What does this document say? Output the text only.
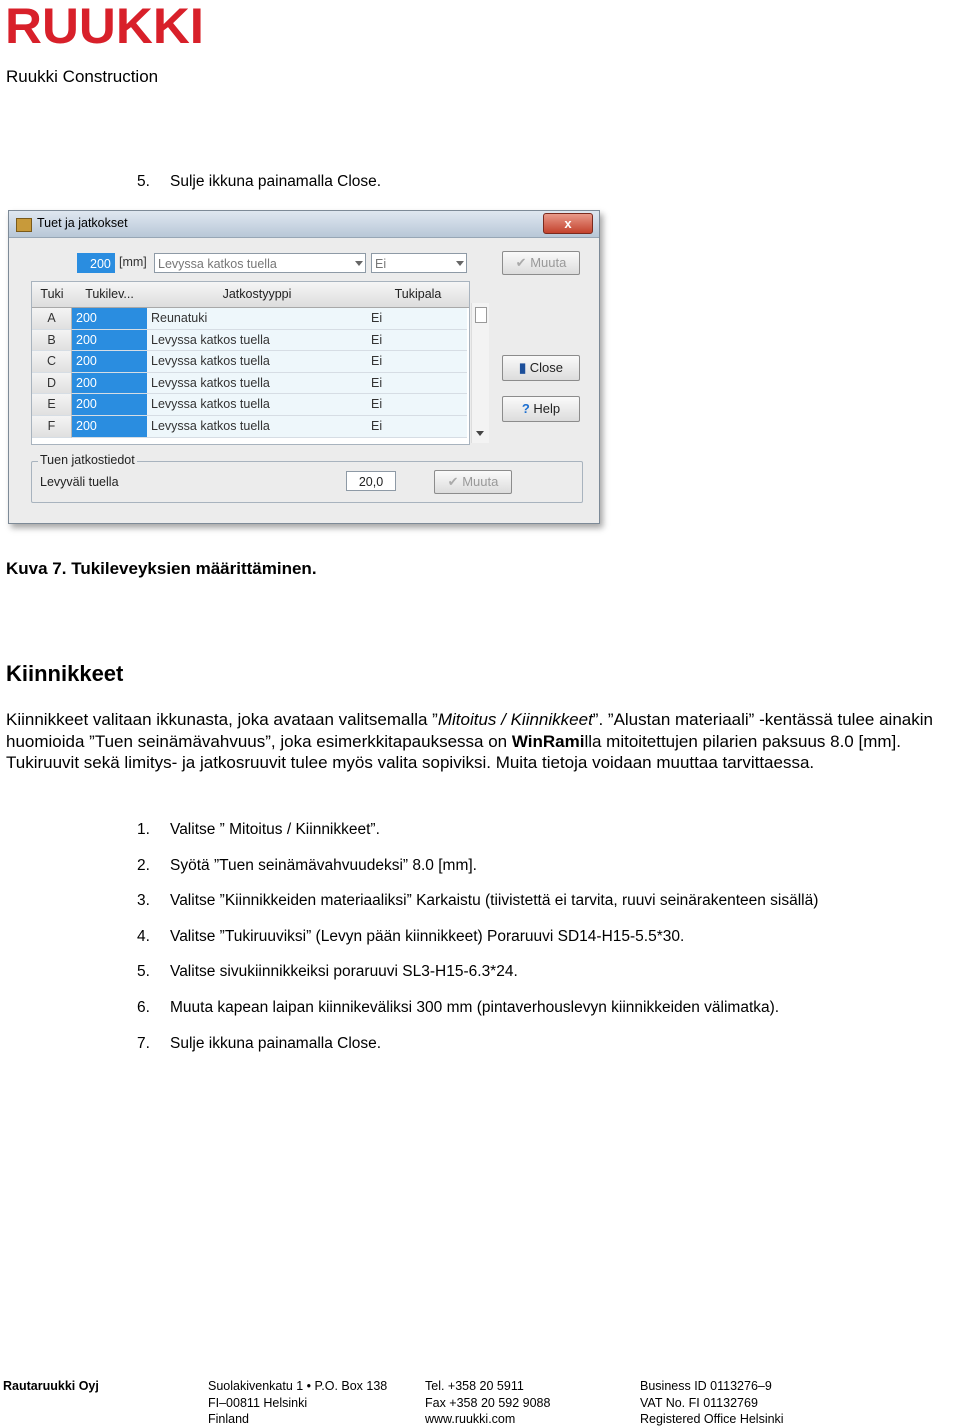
RUUKKI
Ruukki Construction
5. Sulje ikkuna painamalla Close.
Tuet ja jatkokset	x
200 [mm] Levyssa katkos tuella	Ei	✔ Muuta
Tuki	Tukilev...	Jatkostyyppi	Tukipala
A	200	Reunatuki	Ei
B	200	Levyssa katkos tuella	Ei
C	200	Levyssa katkos tuella	Ei
D	200	Levyssa katkos tuella	Ei
E	200	Levyssa katkos tuella	Ei
F	200	Levyssa katkos tuella	Ei
▮ Close
? Help
Tuen jatkostiedot
Levyväli tuella	20,0	✔ Muuta
Kuva 7. Tukileveyksien määrittäminen.
Kiinnikkeet
Kiinnikkeet valitaan ikkunasta, joka avataan valitsemalla ”Mitoitus / Kiinnikkeet”. ”Alustan materiaali” -kentässä tulee ainakin huomioida ”Tuen seinämävahvuus”, joka esimerkkitapauksessa on WinRamilla mitoitettujen pilarien paksuus 8.0 [mm]. Tukiruuvit sekä limitys- ja jatkosruuvit tulee myös valita sopiviksi. Muita tietoja voidaan muuttaa tarvittaessa.
1. Valitse ” Mitoitus / Kiinnikkeet”.
2. Syötä ”Tuen seinämävahvuudeksi” 8.0 [mm].
3. Valitse ”Kiinnikkeiden materiaaliksi” Karkaistu (tiivistettä ei tarvita, ruuvi seinärakenteen sisällä)
4. Valitse ”Tukiruuviksi” (Levyn pään kiinnikkeet) Poraruuvi SD14-H15-5.5*30.
5. Valitse sivukiinnikkeiksi poraruuvi SL3-H15-6.3*24.
6. Muuta kapean laipan kiinnikeväliksi 300 mm (pintaverhouslevyn kiinnikkeiden välimatka).
7. Sulje ikkuna painamalla Close.
Rautaruukki Oyj	Suolakivenkatu 1 • P.O. Box 138
FI–00811 Helsinki
Finland
Tel. +358 20 5911
Fax +358 20 592 9088
www.ruukki.com
Business ID 0113276–9
VAT No. FI 01132769
Registered Office Helsinki
